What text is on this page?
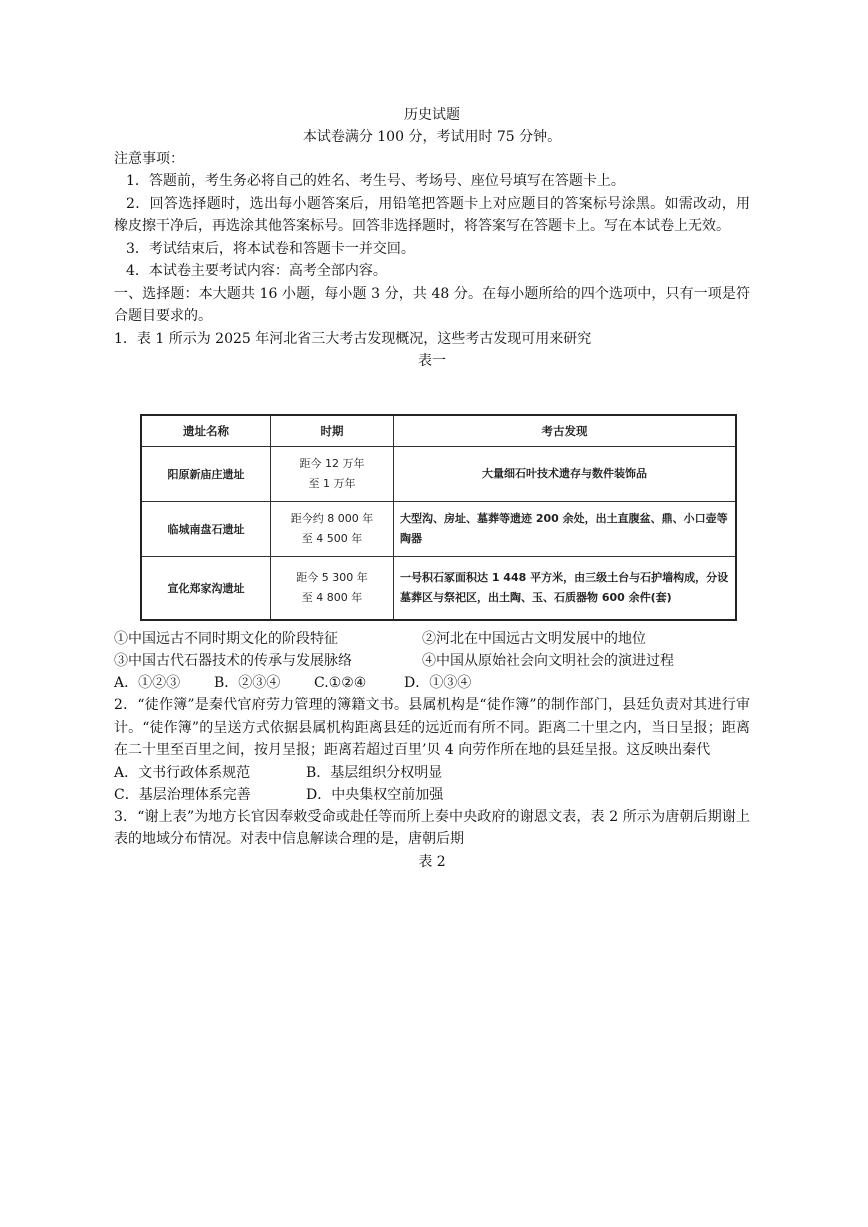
历史试题
本试卷满分 100 分，考试用时 75 分钟。
注意事项：
1．答题前，考生务必将自己的姓名、考生号、考场号、座位号填写在答题卡上。
2．回答选择题时，选出每小题答案后，用铅笔把答题卡上对应题目的答案标号涂黑。如需改动，用橡皮擦干净后，再选涂其他答案标号。回答非选择题时，将答案写在答题卡上。写在本试卷上无效。
3．考试结束后，将本试卷和答题卡一并交回。
4．本试卷主要考试内容：高考全部内容。
一、选择题：本大题共 16 小题，每小题 3 分，共 48 分。在每小题所给的四个选项中，只有一项是符合题目要求的。
1．表 1 所示为 2025 年河北省三大考古发现概况，这些考古发现可用来研究
表一
遗址名称	时期	考古发现
阳原新庙庄遗址	距今 12 万年
至 1 万年	大量细石叶技术遗存与数件装饰品
临城南盘石遗址	距今约 8 000 年
至 4 500 年	大型沟、房址、墓葬等遗迹 200 余处，出土直腹盆、鼎、小口壶等陶器
宣化郑家沟遗址	距今 5 300 年
至 4 800 年	一号积石冢面积达 1 448 平方米，由三级土台与石护墙构成，分设墓葬区与祭祀区，出土陶、玉、石质器物 600 余件(套)
①中国远古不同时期文化的阶段特征	②河北在中国远古文明发展中的地位
③中国古代石器技术的传承与发展脉络	④中国从原始社会向文明社会的演进过程
A．①②③	B．②③④	C.①②④	D．①③④
2．“徒作簿”是秦代官府劳力管理的簿籍文书。县属机构是“徒作簿”的制作部门，县廷负责对其进行审计。“徒作簿”的呈送方式依据县属机构距离县廷的远近而有所不同。距离二十里之内，当日呈报；距离在二十里至百里之间，按月呈报；距离若超过百里’贝 4 向劳作所在地的县廷呈报。这反映出秦代
A．文书行政体系规范	B．基层组织分权明显
C．基层治理体系完善	D．中央集权空前加强
3．“谢上表”为地方长官因奉敕受命或赴任等而所上奏中央政府的谢恩文表，表 2 所示为唐朝后期谢上表的地域分布情况。对表中信息解读合理的是，唐朝后期
表 2
